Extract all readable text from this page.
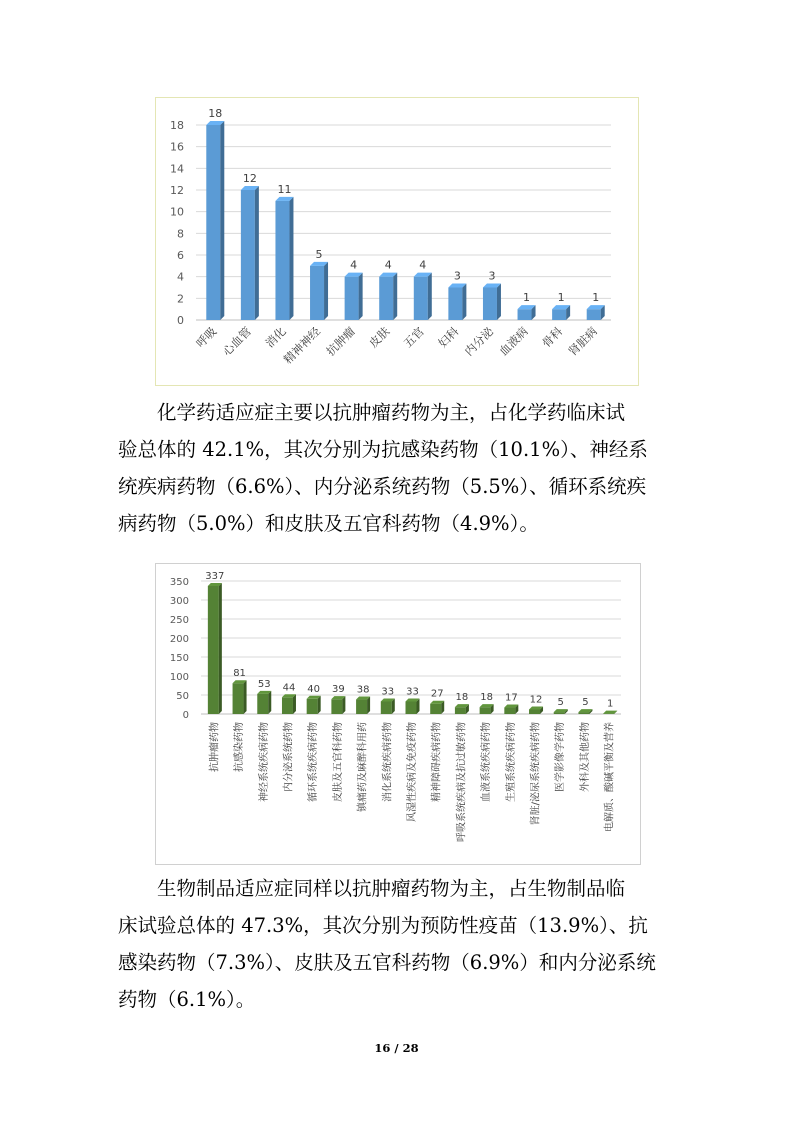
0
2
4
6
8
10
12
14
16
18
18
呼吸
12
心血管
11
消化
5
精神神经
4
抗肿瘤
4
皮肤
4
五官
3
妇科
3
内分泌
1
血液病
1
骨科
1
肾脏病

　　化学药适应症主要以抗肿瘤药物为主，占化学药临床试
验总体的 42.1%，其次分别为抗感染药物（10.1%）、神经系
统疾病药物（6.6%）、内分泌系统药物（5.5%）、循环系统疾
病药物（5.0%）和皮肤及五官科药物（4.9%）。

0
50
100
150
200
250
300
350
337
抗肿瘤药物
81
抗感染药物
53
神经系统疾病药物
44
内分泌系统药物
40
循环系统疾病药物
39
皮肤及五官科药物
38
镇痛药及麻醉科用药
33
消化系统疾病药物
33
风湿性疾病及免疫药物
27
精神障碍疾病药物
18
呼吸系统疾病及抗过敏药物
18
血液系统疾病药物
17
生殖系统疾病药物
12
肾脏/泌尿系统疾病药物
5
医学影像学药物
5
外科及其他药物
1
电解质、酸碱平衡及营养

　　生物制品适应症同样以抗肿瘤药物为主，占生物制品临
床试验总体的 47.3%，其次分别为预防性疫苗（13.9%）、抗
感染药物（7.3%）、皮肤及五官科药物（6.9%）和内分泌系统
药物（6.1%）。

16 / 28
